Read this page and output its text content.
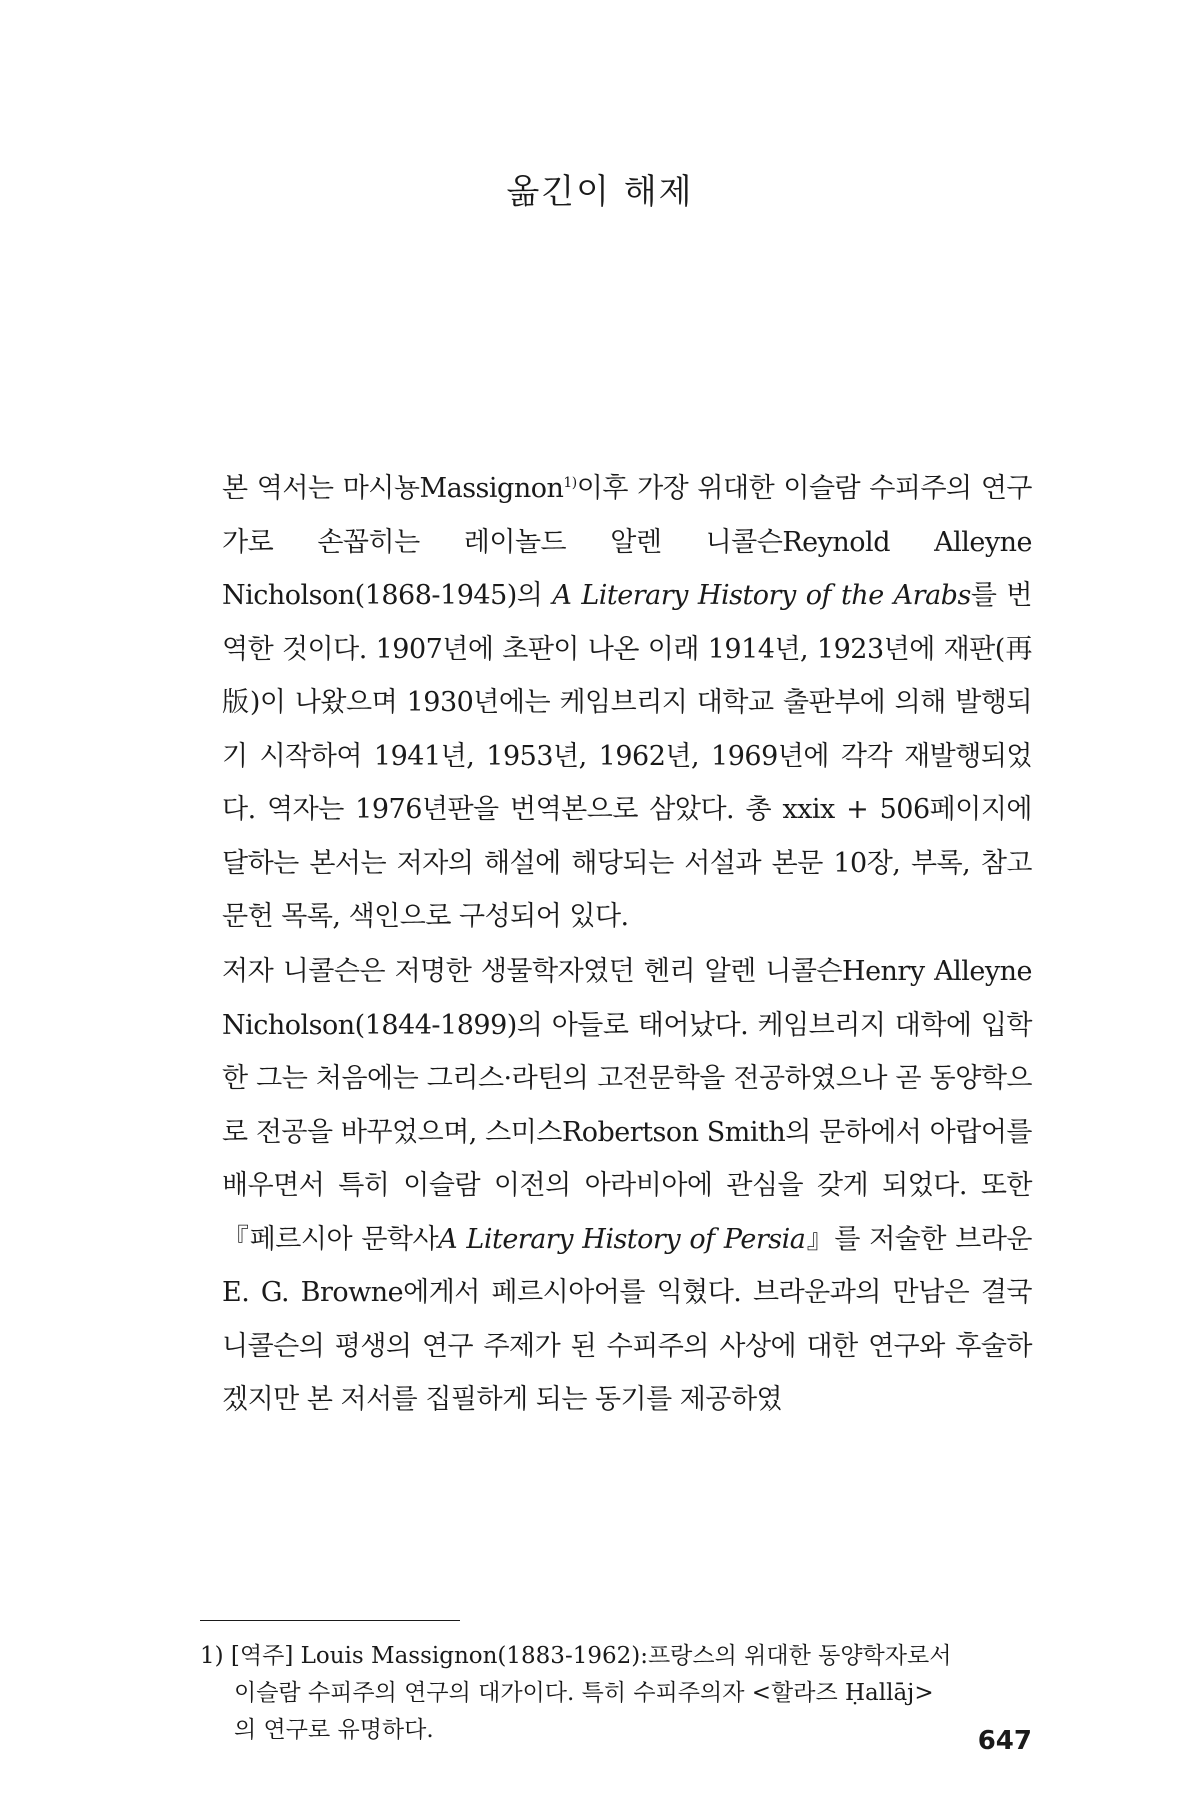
옮긴이 해제

본 역서는 마시뇽Massignon$^{1)}$이후 가장 위대한 이슬람 수피주의 연구가로 손꼽히는 레이놀드 알렌 니콜슨Reynold Alleyne Nicholson(1868-1945)의 A Literary History of the Arabs를 번역한 것이다. 1907년에 초판이 나온 이래 1914년, 1923년에 재판(再版)이 나왔으며 1930년에는 케임브리지 대학교 출판부에 의해 발행되기 시작하여 1941년, 1953년, 1962년, 1969년에 각각 재발행되었다. 역자는 1976년판을 번역본으로 삼았다. 총 xxix + 506페이지에 달하는 본서는 저자의 해설에 해당되는 서설과 본문 10장, 부록, 참고문헌 목록, 색인으로 구성되어 있다.

저자 니콜슨은 저명한 생물학자였던 헨리 알렌 니콜슨Henry Alleyne Nicholson(1844-1899)의 아들로 태어났다. 케임브리지 대학에 입학한 그는 처음에는 그리스·라틴의 고전문학을 전공하였으나 곧 동양학으로 전공을 바꾸었으며, 스미스Robertson Smith의 문하에서 아랍어를 배우면서 특히 이슬람 이전의 아라비아에 관심을 갖게 되었다. 또한 『페르시아 문학사A Literary History of Persia』를 저술한 브라운E. G. Browne에게서 페르시아어를 익혔다. 브라운과의 만남은 결국 니콜슨의 평생의 연구 주제가 된 수피주의 사상에 대한 연구와 후술하겠지만 본 저서를 집필하게 되는 동기를 제공하였

1) [역주] Louis Massignon(1883-1962):프랑스의 위대한 동양학자로서
이슬람 수피주의 연구의 대가이다. 특히 수피주의자 <할라즈 Ḥallāj>
의 연구로 유명하다.	647
